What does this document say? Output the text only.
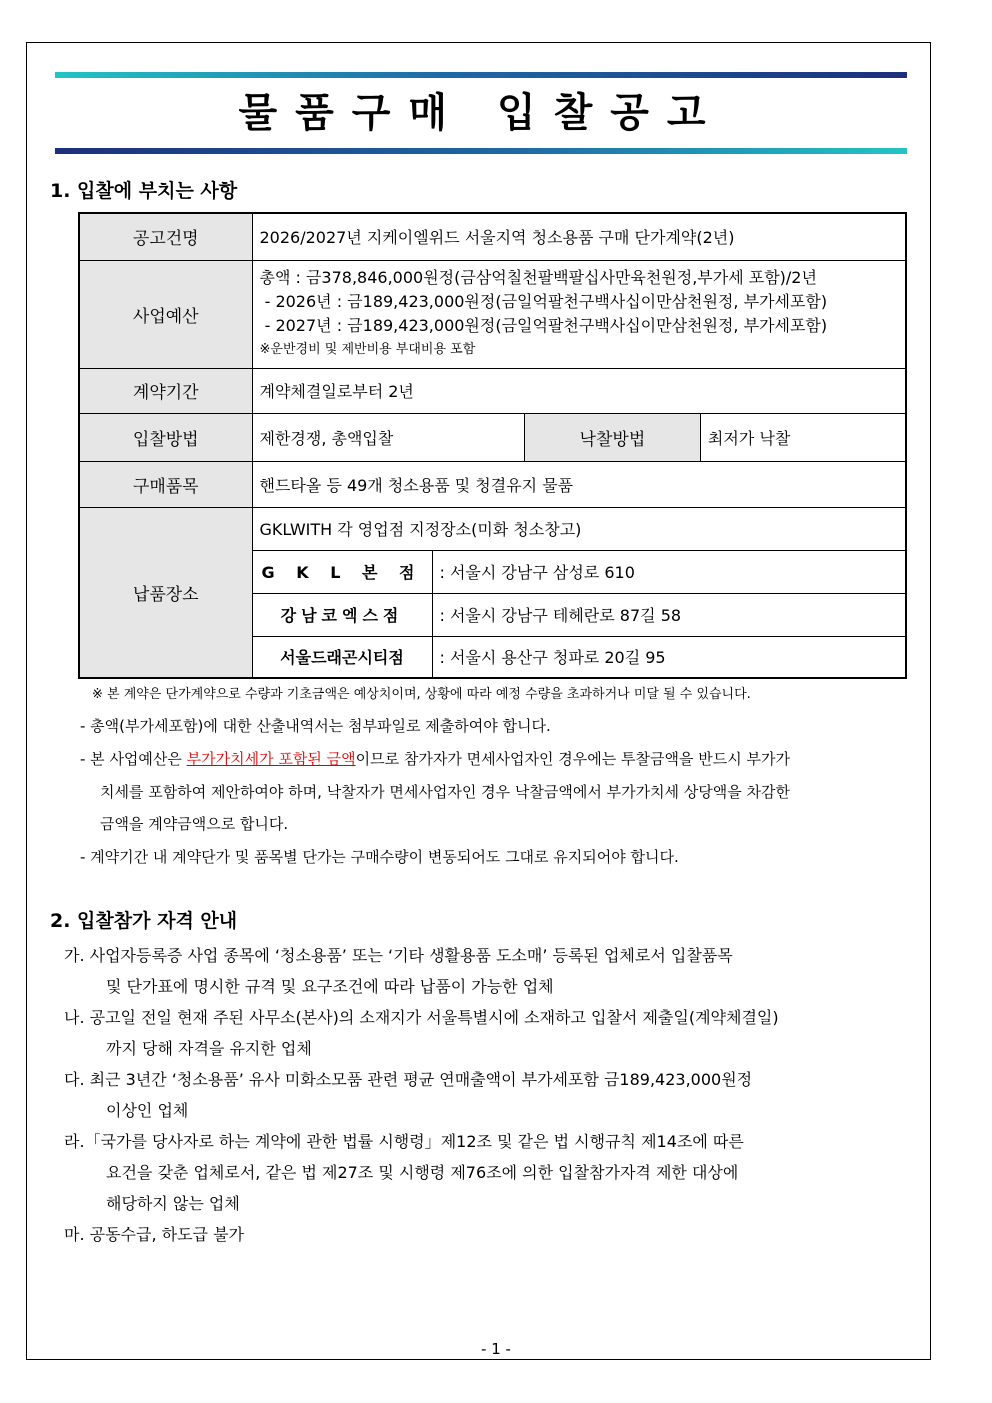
물품구매 입찰공고
1. 입찰에 부치는 사항
공고건명	2026/2027년 지케이엘위드 서울지역 청소용품 구매 단가계약(2년)			
사업예산	총액 : 금378,846,000원정(금삼억칠천팔백팔십사만육천원정,부가세 포함)/2년
- 2026년 : 금189,423,000원정(금일억팔천구백사십이만삼천원정, 부가세포함)
- 2027년 : 금189,423,000원정(금일억팔천구백사십이만삼천원정, 부가세포함)
※운반경비 및 제반비용 부대비용 포함			

계약기간	계약체결일로부터 2년			
입찰방법	제한경쟁, 총액입찰		낙찰방법	최저가 낙찰
구매품목	핸드타올 등 49개 청소용품 및 청결유지 물품			
납품장소	GKLWITH 각 영업점 지정장소(미화 청소창고)			
	G K L 본 점	: 서울시 강남구 삼성로 610		
	강남코엑스점	: 서울시 강남구 테헤란로 87길 58		
	서울드래곤시티점	: 서울시 용산구 청파로 20길 95		
※ 본 계약은 단가계약으로 수량과 기초금액은 예상치이며, 상황에 따라 예정 수량을 초과하거나 미달 될 수 있습니다.
- 총액(부가세포함)에 대한 산출내역서는 첨부파일로 제출하여야 합니다.
- 본 사업예산은 부가가치세가 포함된 금액이므로 참가자가 면세사업자인 경우에는 투찰금액을 반드시 부가가
치세를 포함하여 제안하여야 하며, 낙찰자가 면세사업자인 경우 낙찰금액에서 부가가치세 상당액을 차감한
금액을 계약금액으로 합니다.
- 계약기간 내 계약단가 및 품목별 단가는 구매수량이 변동되어도 그대로 유지되어야 합니다.
2. 입찰참가 자격 안내
가. 사업자등록증 사업 종목에 ‘청소용품’ 또는 ‘기타 생활용품 도소매’ 등록된 업체로서 입찰품목
및 단가표에 명시한 규격 및 요구조건에 따라 납품이 가능한 업체
나. 공고일 전일 현재 주된 사무소(본사)의 소재지가 서울특별시에 소재하고 입찰서 제출일(계약체결일)
까지 당해 자격을 유지한 업체
다. 최근 3년간 ‘청소용품’ 유사 미화소모품 관련 평균 연매출액이 부가세포함 금189,423,000원정
이상인 업체
라.「국가를 당사자로 하는 계약에 관한 법률 시행령」제12조 및 같은 법 시행규칙 제14조에 따른
요건을 갖춘 업체로서, 같은 법 제27조 및 시행령 제76조에 의한 입찰참가자격 제한 대상에
해당하지 않는 업체
마. 공동수급, 하도급 불가
- 1 -
